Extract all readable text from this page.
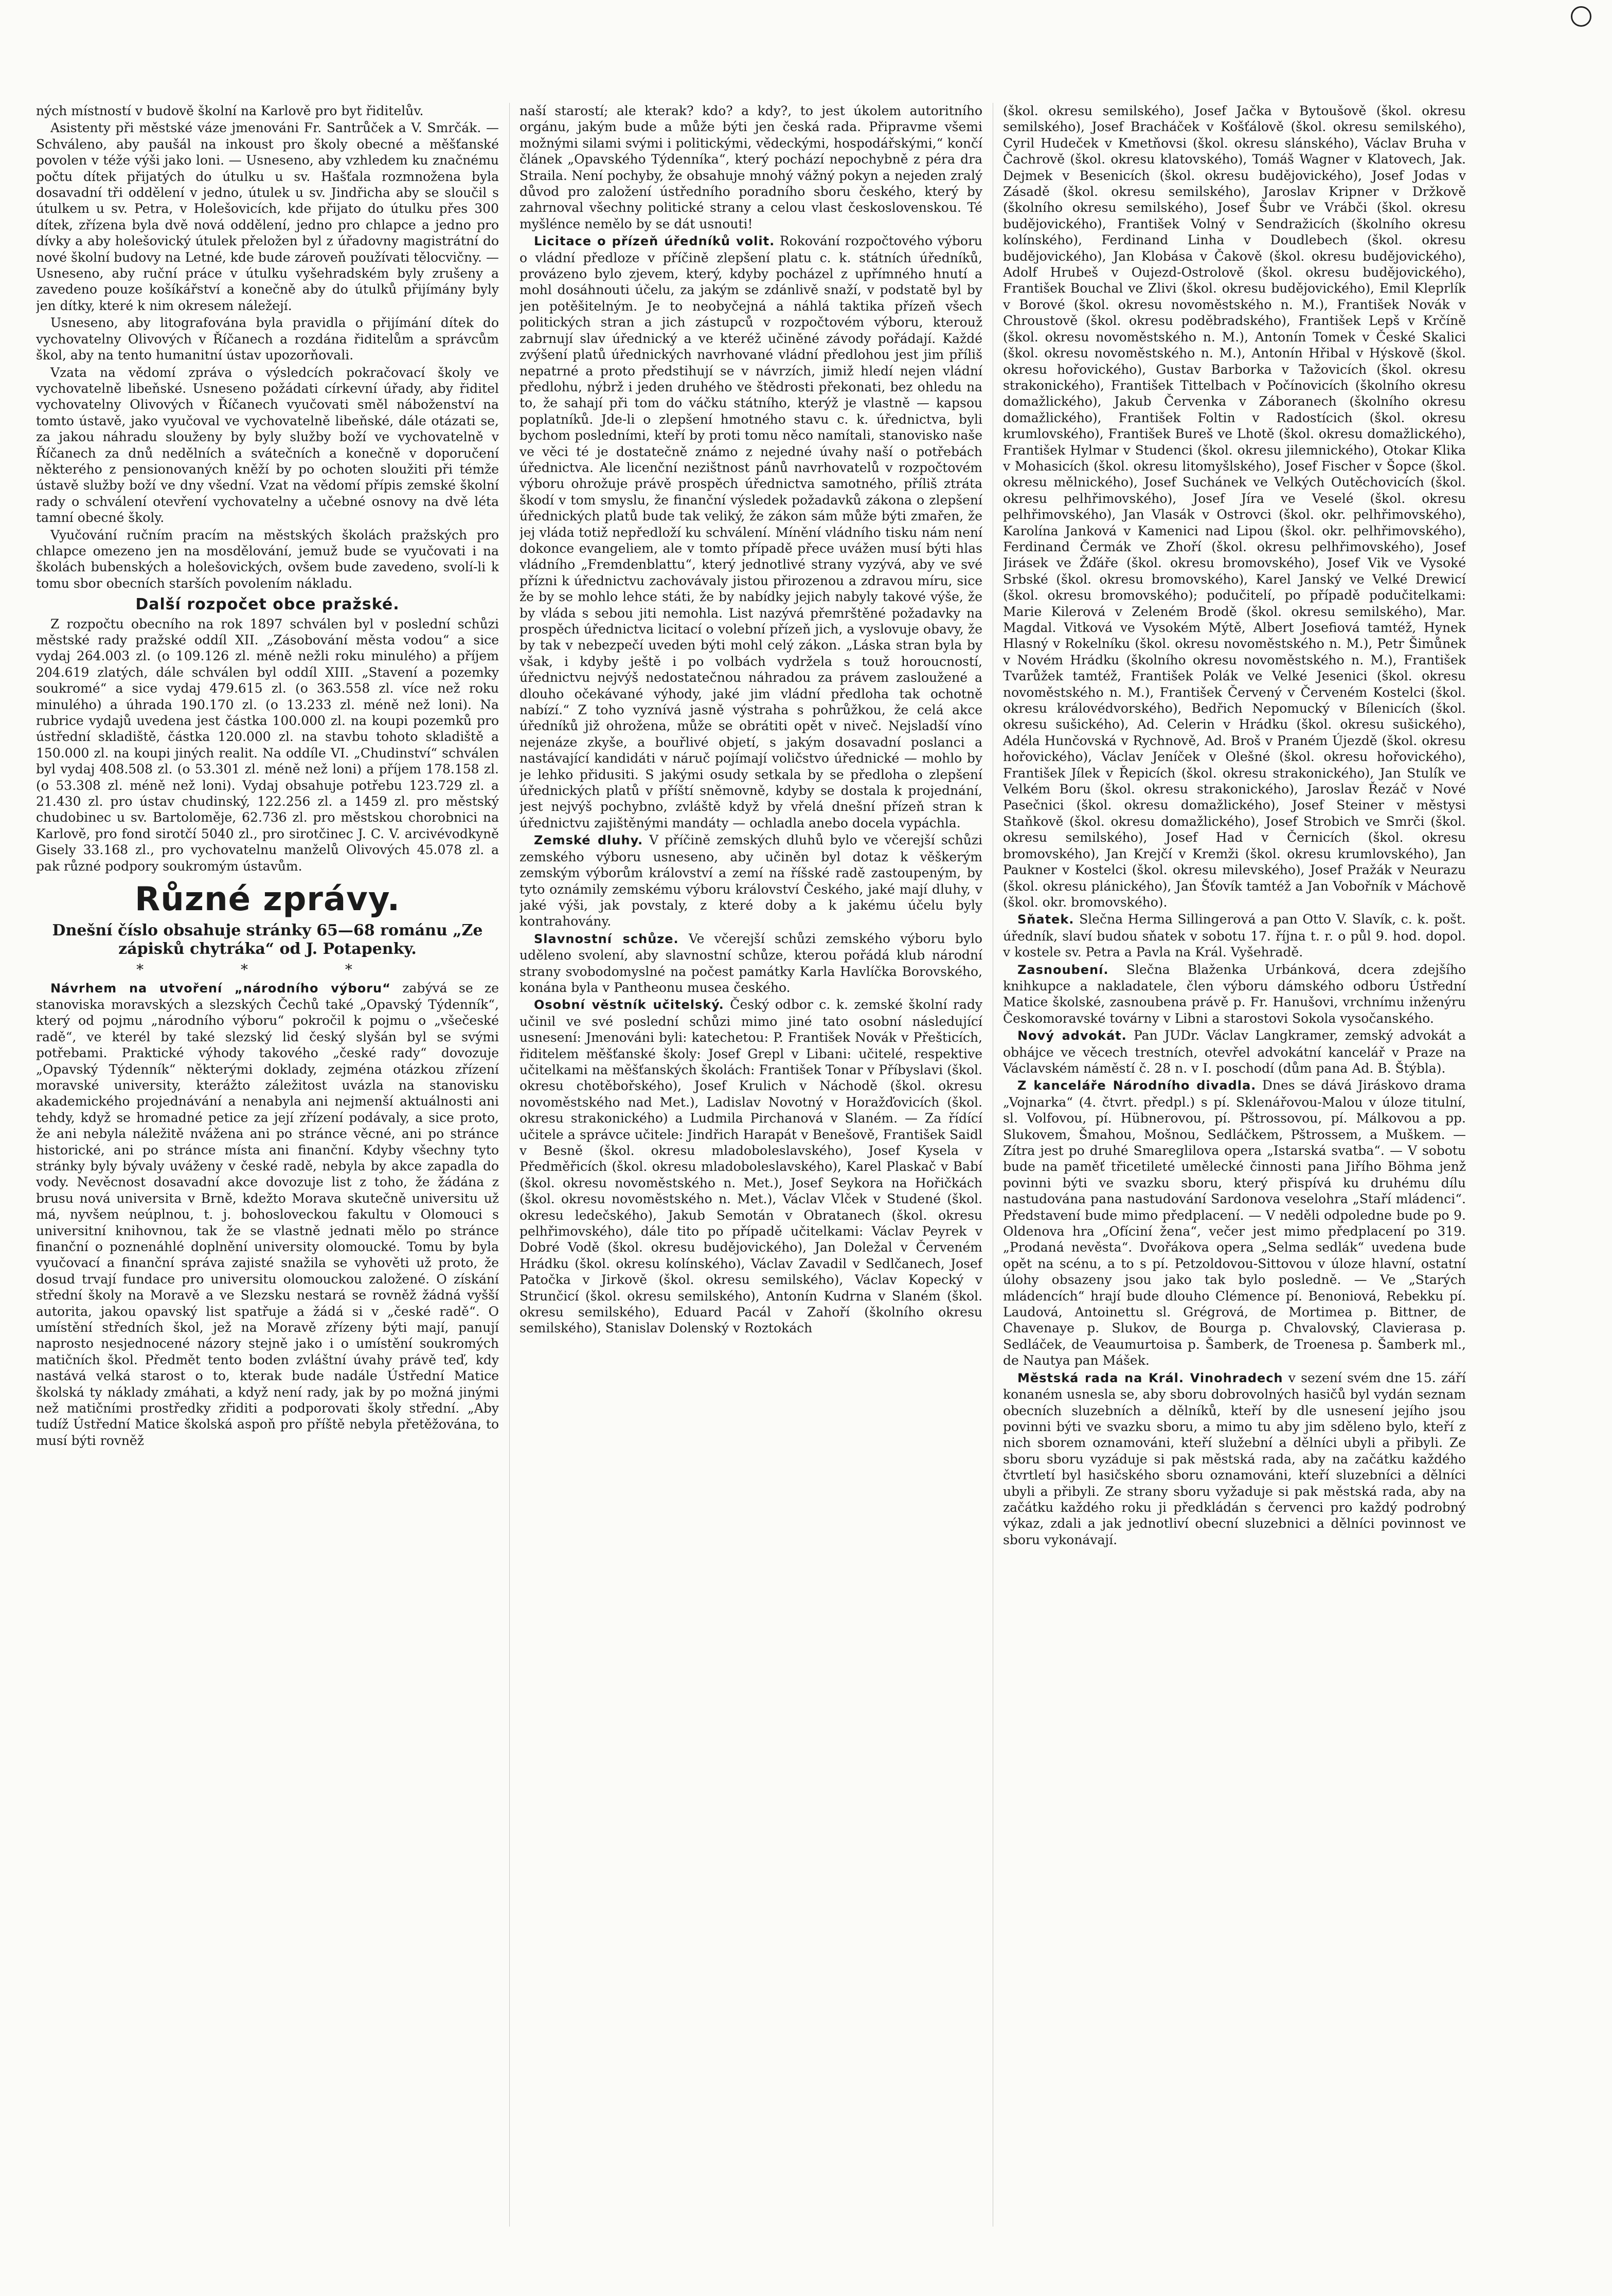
ných místností v budově školní na Karlově pro byt řiditelův.

Asistenty při městské váze jmenováni Fr. Santrůček a V. Smrčák. — Schváleno, aby paušál na inkoust pro školy obecné a měšťanské povolen v téže výši jako loni. — Usneseno, aby vzhledem ku značnému počtu dítek přijatých do útulku u sv. Hašťala rozmnožena byla dosavadní tři oddělení v jedno, útulek u sv. Jindřicha aby se sloučil s útulkem u sv. Petra, v Holešovicích, kde přijato do útulku přes 300 dítek, zřízena byla dvě nová oddělení, jedno pro chlapce a jedno pro dívky a aby holešovický útulek přeložen byl z úřadovny magistrátní do nové školní budovy na Letné, kde bude zároveň používati tělocvičny. — Usneseno, aby ruční práce v útulku vyšehradském byly zrušeny a zavedeno pouze košíkářství a konečně aby do útulků přijímány byly jen dítky, které k nim okresem náležejí.

Usneseno, aby litografována byla pravidla o přijímání dítek do vychovatelny Olivových v Říčanech a rozdána řiditelům a správcům škol, aby na tento humanitní ústav upozorňovali.

Vzata na vědomí zpráva o výsledcích pokračovací školy ve vychovatelně libeňské. Usneseno požádati církevní úřady, aby řiditel vychovatelny Olivových v Říčanech vyučovati směl náboženství na tomto ústavě, jako vyučoval ve vychovatelně libeňské, dále otázati se, za jakou náhradu slouženy by byly služby boží ve vychovatelně v Říčanech za dnů nedělních a svátečních a konečně v doporučení některého z pensionovaných kněží by po ochoten sloužiti při témže ústavě služby boží ve dny všední. Vzat na vědomí přípis zemské školní rady o schválení otevření vychovatelny a učebné osnovy na dvě léta tamní obecné školy.

Vyučování ručním pracím na městských školách pražských pro chlapce omezeno jen na mosdělování, jemuž bude se vyučovati i na školách bubenských a holešovických, ovšem bude zavedeno, svolí-li k tomu sbor obecních starších povolením nákladu.

Další rozpočet obce pražské.

Z rozpočtu obecního na rok 1897 schválen byl v poslední schůzi městské rady pražské oddíl XII. „Zásobování města vodou“ a sice vydaj 264.003 zl. (o 109.126 zl. méně nežli roku minulého) a příjem 204.619 zlatých, dále schválen byl oddíl XIII. „Stavení a pozemky soukromé“ a sice vydaj 479.615 zl. (o 363.558 zl. více než roku minulého) a úhrada 190.170 zl. (o 13.233 zl. méně než loni). Na rubrice vydajů uvedena jest částka 100.000 zl. na koupi pozemků pro ústřední skladiště, částka 120.000 zl. na stavbu tohoto skladiště a 150.000 zl. na koupi jiných realit. Na oddíle VI. „Chudinství“ schválen byl vydaj 408.508 zl. (o 53.301 zl. méně než loni) a příjem 178.158 zl. (o 53.308 zl. méně než loni). Vydaj obsahuje potřebu 123.729 zl. a 21.430 zl. pro ústav chudinský, 122.256 zl. a 1459 zl. pro městský chudobinec u sv. Bartoloměje, 62.736 zl. pro městskou chorobnici na Karlově, pro fond sirotčí 5040 zl., pro sirotčinec J. C. V. arcivévodkyně Gisely 33.168 zl., pro vychovatelnu manželů Olivových 45.078 zl. a pak různé podpory soukromým ústavům.

Různé zprávy.
Dnešní číslo obsahuje stránky 65—68 románu „Ze zápisků chytráka“ od J. Potapenky.
* * *

Návrhem na utvoření „národního výboru“ zabývá se ze stanoviska moravských a slezských Čechů také „Opavský Týdenník“, který od pojmu „národního výboru“ pokročil k pojmu o „všečeské radě“, ve kterél by také slezský lid český slyšán byl se svými potřebami. Praktické výhody takového „české rady“ dovozuje „Opavský Týdenník“ některými doklady, zejména otázkou zřízení moravské university, kterážto záležitost uvázla na stanovisku akademického projednávání a nenabyla ani nejmenší aktuálnosti ani tehdy, když se hromadné petice za její zřízení podávaly, a sice proto, že ani nebyla náležitě nvážena ani po stránce věcné, ani po stránce historické, ani po stránce místa ani finanční. Kdyby všechny tyto stránky byly bývaly uváženy v české radě, nebyla by akce zapadla do vody. Nevěcnost dosavadní akce dovozuje list z toho, že žádána z brusu nová universita v Brně, kdežto Morava skutečně universitu už má, nyvšem neúplnou, t. j. bohosloveckou fakultu v Olomouci s universitní knihovnou, tak že se vlastně jednati mělo po stránce finanční o poznenáhlé doplnění university olomoucké. Tomu by byla vyučovací a finanční správa zajisté snažila se vyhověti už proto, že dosud trvají fundace pro universitu olomouckou založené. O získání střední školy na Moravě a ve Slezsku nestará se rovněž žádná vyšší autorita, jakou opavský list spatřuje a žádá si v „české radě“. O umístění středních škol, jež na Moravě zřízeny býti mají, panují naprosto nesjednocené názory stejně jako i o umístění soukromých matičních škol. Předmět tento boden zvláštní úvahy právě teď, kdy nastává velká starost o to, kterak bude nadále Ústřední Matice školská ty náklady zmáhati, a když není rady, jak by po možná jinými než matičními prostředky zřiditi a podporovati školy střední. „Aby tudíž Ústřední Matice školská aspoň pro příště nebyla přetěžována, to musí býti rovněž

naší starostí; ale kterak? kdo? a kdy?, to jest úkolem autoritního orgánu, jakým bude a může býti jen česká rada. Připravme všemi možnými silami svými i politickými, vědeckými, hospodářskými,“ končí článek „Opavského Týdenníka“, který pochází nepochybně z péra dra Straila. Není pochyby, že obsahuje mnohý vážný pokyn a nejeden zralý důvod pro založení ústředního poradního sboru českého, který by zahrnoval všechny politické strany a celou vlast československou. Té myšlénce nemělo by se dát usnouti!

Licitace o přízeň úředníků volit. Rokování rozpočtového výboru o vládní předloze v příčině zlepšení platu c. k. státních úředníků, provázeno bylo zjevem, který, kdyby pocházel z upřímného hnutí a mohl dosáhnouti účelu, za jakým se zdánlivě snaží, v podstatě byl by jen potěšitelným. Je to neobyčejná a náhlá taktika přízeň všech politických stran a jich zástupců v rozpočtovém výboru, kterouž zabrnují slav úřednický a ve kteréž učiněné závody pořádají. Každé zvýšení platů úřednických navrhované vládní předlohou jest jim příliš nepatrné a proto předstihují se v návrzích, jimiž hledí nejen vládní předlohu, nýbrž i jeden druhého ve štědrosti překonati, bez ohledu na to, že sahají při tom do váčku státního, kterýž je vlastně — kapsou poplatníků. Jde-li o zlepšení hmotného stavu c. k. úřednictva, byli bychom posledními, kteří by proti tomu něco namítali, stanovisko naše ve věci té je dostatečně známo z nejedné úvahy naší o potřebách úřednictva. Ale licenční nezištnost pánů navrhovatelů v rozpočtovém výboru ohrožuje právě prospěch úřednictva samotného, příliš ztráta škodí v tom smyslu, že finanční výsledek požadavků zákona o zlepšení úřednických platů bude tak veliký, že zákon sám může býti zmařen, že jej vláda totiž nepředloží ku schválení. Mínění vládního tisku nám není dokonce evangeliem, ale v tomto případě přece uvážen musí býti hlas vládního „Fremdenblattu“, který jednotlivé strany vyzývá, aby ve své přízni k úřednictvu zachovávaly jistou přirozenou a zdravou míru, sice že by se mohlo lehce státi, že by nabídky jejich nabyly takové výše, že by vláda s sebou jiti nemohla. List nazývá přemrštěné požadavky na prospěch úřednictva licitací o volební přízeň jich, a vyslovuje obavy, že by tak v nebezpečí uveden býti mohl celý zákon. „Láska stran byla by však, i kdyby ještě i po volbách vydržela s touž horoucností, úřednictvu nejvýš nedostatečnou náhradou za právem zasloužené a dlouho očekávané výhody, jaké jim vládní předloha tak ochotně nabízí.“ Z toho vyznívá jasně výstraha s pohrůžkou, že celá akce úředníků již ohrožena, může se obrátiti opět v niveč. Nejsladší víno nejenáze zkyše, a bouřlivé objetí, s jakým dosavadní poslanci a nastávající kandidáti v náruč pojímají voličstvo úřednické — mohlo by je lehko přidusiti. S jakými osudy setkala by se předloha o zlepšení úřednických platů v příští sněmovně, kdyby se dostala k projednání, jest nejvýš pochybno, zvláště když by vřelá dnešní přízeň stran k úřednictvu zajištěnými mandáty — ochladla anebo docela vypáchla.

Zemské dluhy. V příčině zemských dluhů bylo ve včerejší schůzi zemského výboru usneseno, aby učiněn byl dotaz k věškerým zemským výborům království a zemí na říšské radě zastoupeným, by tyto oznámily zemskému výboru království Českého, jaké mají dluhy, v jaké výši, jak povstaly, z které doby a k jakému účelu byly kontrahovány.

Slavnostní schůze. Ve včerejší schůzi zemského výboru bylo uděleno svolení, aby slavnostní schůze, kterou pořádá klub národní strany svobodomyslné na počest památky Karla Havlíčka Borovského, konána byla v Pantheonu musea českého.

Osobní věstník učitelský. Český odbor c. k. zemské školní rady učinil ve své poslední schůzi mimo jiné tato osobní následující usnesení: Jmenováni byli: katechetou: P. František Novák v Přešticích, řiditelem měšťanské školy: Josef Grepl v Libani: učitelé, respektive učitelkami na měšťanských školách: František Tonar v Příbyslavi (škol. okresu chotěbořského), Josef Krulich v Náchodě (škol. okresu novoměstského nad Met.), Ladislav Novotný v Horažďovicích (škol. okresu strakonického) a Ludmila Pirchanová v Slaném. — Za řídící učitele a správce učitele: Jindřich Harapát v Benešově, František Saidl v Besně (škol. okresu mladoboleslavského), Josef Kysela v Předměřicích (škol. okresu mladoboleslavského), Karel Plaskač v Babí (škol. okresu novoměstského n. Met.), Josef Seykora na Hořičkách (škol. okresu novoměstského n. Met.), Václav Vlček v Studené (škol. okresu ledečského), Jakub Semotán v Obratanech (škol. okresu pelhřimovského), dále tito po případě učitelkami: Václav Peyrek v Dobré Vodě (škol. okresu budějovického), Jan Doležal v Červeném Hrádku (škol. okresu kolínského), Václav Zavadil v Sedlčanech, Josef Patočka v Jirkově (škol. okresu semilského), Václav Kopecký v Strunčicí (škol. okresu semilského), Antonín Kudrna v Slaném (škol. okresu semilského), Eduard Pacál v Zahoří (školního okresu semilského), Stanislav Dolenský v Roztokách

(škol. okresu semilského), Josef Jačka v Bytoušově (škol. okresu semilského), Josef Bracháček v Košťálově (škol. okresu semilského), Cyril Hudeček v Kmetňovsi (škol. okresu slánského), Václav Bruha v Čachrově (škol. okresu klatovského), Tomáš Wagner v Klatovech, Jak. Dejmek v Besenicích (škol. okresu budějovického), Josef Jodas v Zásadě (škol. okresu semilského), Jaroslav Kripner v Držkově (školního okresu semilského), Josef Šubr ve Vrábči (škol. okresu budějovického), František Volný v Sendražicích (školního okresu kolínského), Ferdinand Linha v Doudlebech (škol. okresu budějovického), Jan Klobása v Čakově (škol. okresu budějovického), Adolf Hrubeš v Oujezd-Ostrolově (škol. okresu budějovického), František Bouchal ve Zlivi (škol. okresu budějovického), Emil Kleprlík v Borové (škol. okresu novoměstského n. M.), František Novák v Chroustově (škol. okresu poděbradského), František Lepš v Krčíně (škol. okresu novoměstského n. M.), Antonín Tomek v České Skalici (škol. okresu novoměstského n. M.), Antonín Hřibal v Hýskově (škol. okresu hořovického), Gustav Barborka v Tažovicích (škol. okresu strakonického), František Tittelbach v Počínovicích (školního okresu domažlického), Jakub Červenka v Záboranech (školního okresu domažlického), František Foltin v Radostícich (škol. okresu krumlovského), František Bureš ve Lhotě (škol. okresu domažlického), František Hylmar v Studenci (škol. okresu jilemnického), Otokar Klika v Mohasicích (škol. okresu litomyšlského), Josef Fischer v Šopce (škol. okresu mělnického), Josef Suchánek ve Velkých Outěchovicích (škol. okresu pelhřimovského), Josef Jíra ve Veselé (škol. okresu pelhřimovského), Jan Vlasák v Ostrovci (škol. okr. pelhřimovského), Karolína Janková v Kamenici nad Lipou (škol. okr. pelhřimovského), Ferdinand Čermák ve Zhoří (škol. okresu pelhřimovského), Josef Jirásek ve Žďáře (škol. okresu bromovského), Josef Vik ve Vysoké Srbské (škol. okresu bromovského), Karel Janský ve Velké Drewicí (škol. okresu bromovského); podučitelí, po případě podučitelkami: Marie Kilerová v Zeleném Brodě (škol. okresu semilského), Mar. Magdal. Vitková ve Vysokém Mýtě, Albert Josefiová tamtéž, Hynek Hlasný v Rokelníku (škol. okresu novoměstského n. M.), Petr Šimůnek v Novém Hrádku (školního okresu novoměstského n. M.), František Tvarůžek tamtéž, František Polák ve Velké Jesenici (škol. okresu novoměstského n. M.), František Červený v Červeném Kostelci (škol. okresu královédvorského), Bedřich Nepomucký v Bílenicích (škol. okresu sušického), Ad. Celerin v Hrádku (škol. okresu sušického), Adéla Hunčovská v Rychnově, Ad. Broš v Praném Újezdě (škol. okresu hořovického), Václav Jeníček v Olešné (škol. okresu hořovického), František Jílek v Řepicích (škol. okresu strakonického), Jan Stulík ve Velkém Boru (škol. okresu strakonického), Jaroslav Řezáč v Nové Pasečnici (škol. okresu domažlického), Josef Steiner v městysi Staňkově (škol. okresu domažlického), Josef Strobich ve Smrči (škol. okresu semilského), Josef Had v Černicích (škol. okresu bromovského), Jan Krejčí v Kremži (škol. okresu krumlovského), Jan Paukner v Kostelci (škol. okresu milevského), Josef Pražák v Neurazu (škol. okresu plánického), Jan Šťovík tamtéž a Jan Vobořník v Máchově (škol. okr. bromovského).

Sňatek. Slečna Herma Sillingerová a pan Otto V. Slavík, c. k. pošt. úředník, slaví budou sňatek v sobotu 17. října t. r. o půl 9. hod. dopol. v kostele sv. Petra a Pavla na Král. Vyšehradě.

Zasnoubení. Slečna Blaženka Urbánková, dcera zdejšího knihkupce a nakladatele, člen výboru dámského odboru Ústřední Matice školské, zasnoubena právě p. Fr. Hanušovi, vrchnímu inženýru Českomoravské továrny v Libni a starostovi Sokola vysočanského.

Nový advokát. Pan JUDr. Václav Langkramer, zemský advokát a obhájce ve věcech trestních, otevřel advokátní kancelář v Praze na Václavském náměstí č. 28 n. v I. poschodí (dům pana Ad. B. Štýbla).

Z kanceláře Národního divadla. Dnes se dává Jiráskovo drama „Vojnarka“ (4. čtvrt. předpl.) s pí. Sklenářovou-Malou v úloze titulní, sl. Volfovou, pí. Hübnerovou, pí. Pštrossovou, pí. Málkovou a pp. Slukovem, Šmahou, Mošnou, Sedláčkem, Pštrossem, a Muškem. — Zítra jest po druhé Smareglilova opera „Istarská svatba“. — V sobotu bude na paměť třicetileté umělecké činnosti pana Jiřího Böhma jenž povinni býti ve svazku sboru, který přispívá ku druhému dílu nastudována pana nastudování Sardonova veselohra „Staří mládenci“. Představení bude mimo předplacení. — V neděli odpoledne bude po 9. Oldenova hra „Ofíciní žena“, večer jest mimo předplacení po 319. „Prodaná nevěsta“. Dvořákova opera „Selma sedlák“ uvedena bude opět na scénu, a to s pí. Petzoldovou-Sittovou v úloze hlavní, ostatní úlohy obsazeny jsou jako tak bylo posledně. — Ve „Starých mládencích“ hrají bude dlouho Clémence pí. Benoniová, Rebekku pí. Laudová, Antoinettu sl. Grégrová, de Mortimea p. Bittner, de Chavenaye p. Slukov, de Bourga p. Chvalovský, Clavierasa p. Sedláček, de Veaumurtoisa p. Šamberk, de Troenesa p. Šamberk ml., de Nautya pan Mášek.

Městská rada na Král. Vinohradech v sezení svém dne 15. září konaném usnesla se, aby sboru dobrovolných hasičů byl vydán seznam obecních sluzebních a dělníků, kteří by dle usnesení jejího jsou povinni býti ve svazku sboru, a mimo tu aby jim sděleno bylo, kteří z nich sborem oznamováni, kteří služební a dělníci ubyli a přibyli. Ze sboru sboru vyzáduje si pak městská rada, aby na začátku každého čtvrtletí byl hasičského sboru oznamováni, kteří sluzebníci a dělníci ubyli a přibyli. Ze strany sboru vyžaduje si pak městská rada, aby na začátku každého roku ji předkládán s červenci pro každý podrobný výkaz, zdali a jak jednotliví obecní sluzebnici a dělníci povinnost ve sboru vykonávají.
